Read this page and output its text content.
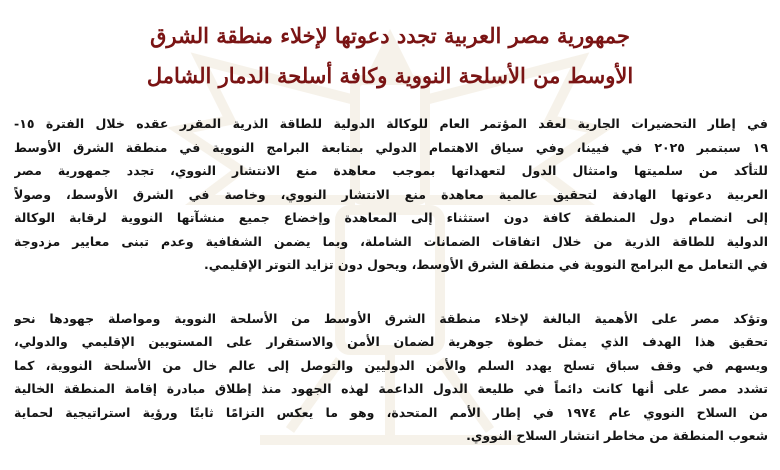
جمهورية مصر العربية تجدد دعوتها لإخلاء منطقة الشرق
الأوسط من الأسلحة النووية وكافة أسلحة الدمار الشامل

في إطار التحضيرات الجارية لعقد المؤتمر العام للوكالة الدولية للطاقة الذرية المقرر عقده خلال الفترة ١٥-
١٩ سبتمبر ٢٠٢٥ في فيينا، وفي سياق الاهتمام الدولي بمتابعة البرامج النووية في منطقة الشرق الأوسط
للتأكد من سلميتها وامتثال الدول لتعهداتها بموجب معاهدة منع الانتشار النووي، تجدد جمهورية مصر
العربية دعوتها الهادفة لتحقيق عالمية معاهدة منع الانتشار النووي، وخاصة في الشرق الأوسط، وصولاً
إلى انضمام دول المنطقة كافة دون استثناء إلى المعاهدة وإخضاع جميع منشآتها النووية لرقابة الوكالة
الدولية للطاقة الذرية من خلال اتفاقات الضمانات الشاملة، وبما يضمن الشفافية وعدم تبنى معايير مزدوجة
في التعامل مع البرامج النووية في منطقة الشرق الأوسط، ويحول دون تزايد التوتر الإقليمي.

وتؤكد مصر على الأهمية البالغة لإخلاء منطقة الشرق الأوسط من الأسلحة النووية ومواصلة جهودها نحو
تحقيق هذا الهدف الذي يمثل خطوة جوهرية لضمان الأمن والاستقرار على المستويين الإقليمي والدولي،
ويسهم في وقف سباق تسلح يهدد السلم والأمن الدوليين والتوصل إلى عالم خال من الأسلحة النووية، كما
تشدد مصر على أنها كانت دائماً في طليعة الدول الداعمة لهذه الجهود منذ إطلاق مبادرة إقامة المنطقة الخالية
من السلاح النووي عام ١٩٧٤ في إطار الأمم المتحدة، وهو ما يعكس التزامًا ثابتًا ورؤية استراتيجية لحماية
شعوب المنطقة من مخاطر انتشار السلاح النووي.
